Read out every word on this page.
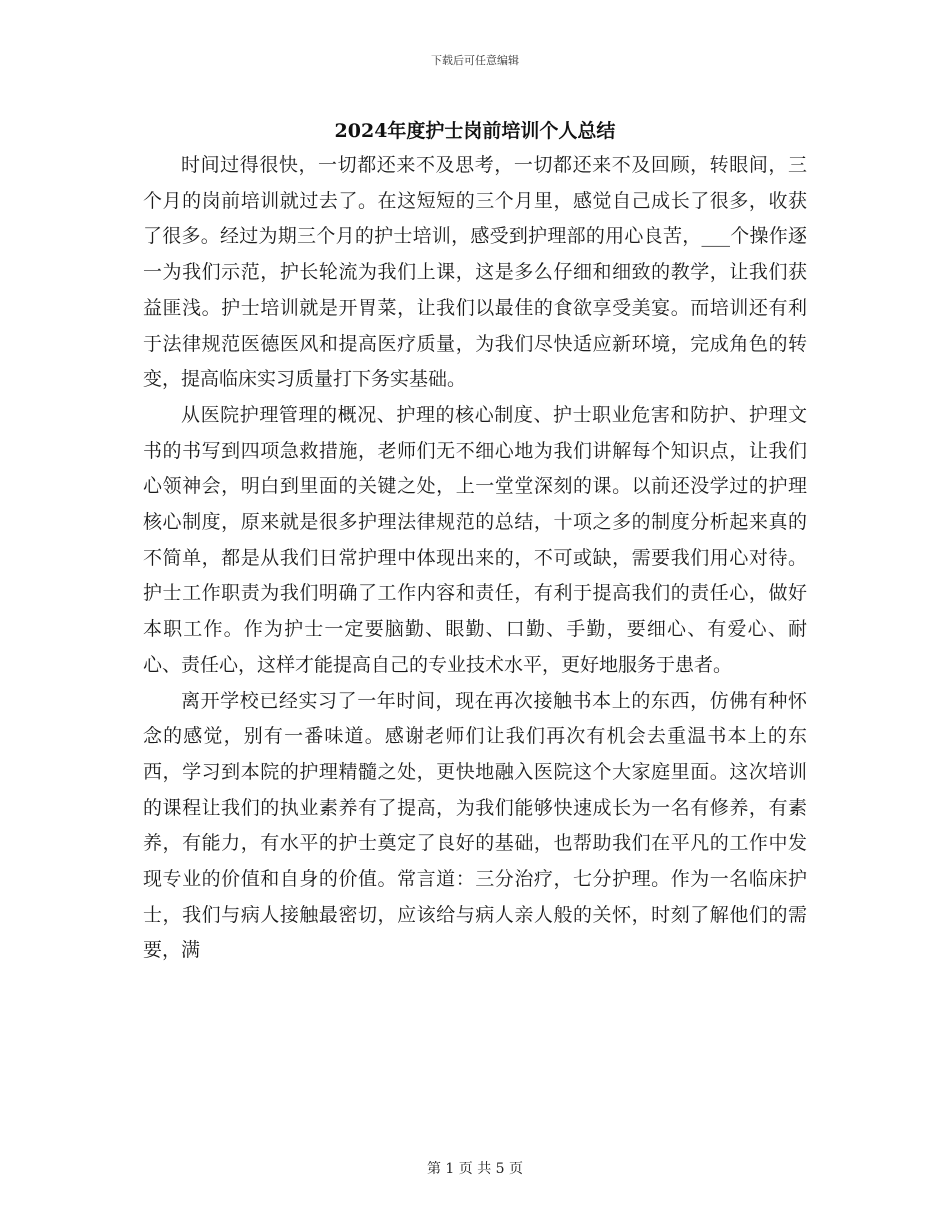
下载后可任意编辑
2024年度护士岗前培训个人总结

时间过得很快，一切都还来不及思考，一切都还来不及回顾，转眼间，三个月的岗前培训就过去了。在这短短的三个月里，感觉自己成长了很多，收获了很多。经过为期三个月的护士培训，感受到护理部的用心良苦，___个操作逐一为我们示范，护长轮流为我们上课，这是多么仔细和细致的教学，让我们获益匪浅。护士培训就是开胃菜，让我们以最佳的食欲享受美宴。而培训还有利于法律规范医德医风和提高医疗质量，为我们尽快适应新环境，完成角色的转变，提高临床实习质量打下务实基础。

从医院护理管理的概况、护理的核心制度、护士职业危害和防护、护理文书的书写到四项急救措施，老师们无不细心地为我们讲解每个知识点，让我们心领神会，明白到里面的关键之处，上一堂堂深刻的课。以前还没学过的护理核心制度，原来就是很多护理法律规范的总结，十项之多的制度分析起来真的不简单，都是从我们日常护理中体现出来的，不可或缺，需要我们用心对待。护士工作职责为我们明确了工作内容和责任，有利于提高我们的责任心，做好本职工作。作为护士一定要脑勤、眼勤、口勤、手勤，要细心、有爱心、耐心、责任心，这样才能提高自己的专业技术水平，更好地服务于患者。

离开学校已经实习了一年时间，现在再次接触书本上的东西，仿佛有种怀念的感觉，别有一番味道。感谢老师们让我们再次有机会去重温书本上的东西，学习到本院的护理精髓之处，更快地融入医院这个大家庭里面。这次培训的课程让我们的执业素养有了提高，为我们能够快速成长为一名有修养，有素养，有能力，有水平的护士奠定了良好的基础，也帮助我们在平凡的工作中发现专业的价值和自身的价值。常言道：三分治疗，七分护理。作为一名临床护士，我们与病人接触最密切，应该给与病人亲人般的关怀，时刻了解他们的需要，满

第 1 页 共 5 页
